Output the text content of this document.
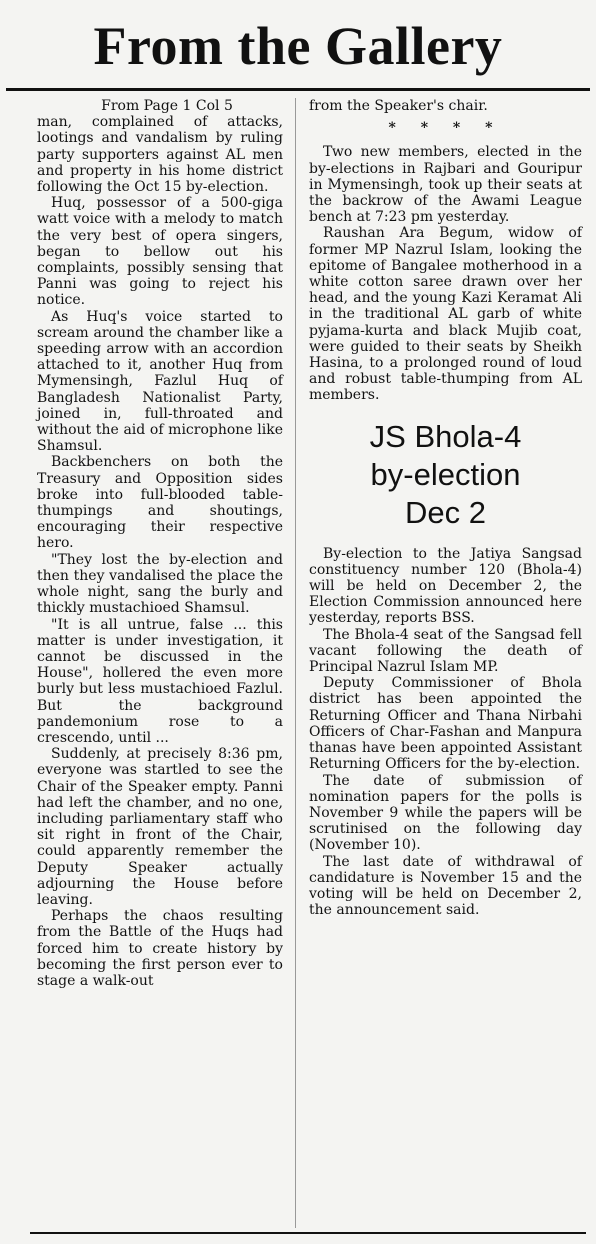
From the Gallery

From Page 1 Col 5

man, complained of attacks, lootings and vandalism by ruling party supporters against AL men and property in his home district following the Oct 15 by-election.

Huq, possessor of a 500-giga watt voice with a melody to match the very best of opera singers, began to bellow out his complaints, possibly sensing that Panni was going to reject his notice.

As Huq's voice started to scream around the chamber like a speeding arrow with an accordion attached to it, another Huq from Mymensingh, Fazlul Huq of Bangladesh Nationalist Party, joined in, full-throated and without the aid of microphone like Shamsul.

Backbenchers on both the Treasury and Opposition sides broke into full-blooded table-thumpings and shoutings, encouraging their respective hero.

"They lost the by-election and then they vandalised the place the whole night, sang the burly and thickly mustachioed Shamsul.

"It is all untrue, false ... this matter is under investigation, it cannot be discussed in the House", hollered the even more burly but less mustachioed Fazlul. But the background pandemonium rose to a crescendo, until ...

Suddenly, at precisely 8:36 pm, everyone was startled to see the Chair of the Speaker empty. Panni had left the chamber, and no one, including parliamentary staff who sit right in front of the Chair, could apparently remember the Deputy Speaker actually adjourning the House before leaving.

Perhaps the chaos resulting from the Battle of the Huqs had forced him to create history by becoming the first person ever to stage a walk-out

from the Speaker's chair.

* * * *

Two new members, elected in the by-elections in Rajbari and Gouripur in Mymensingh, took up their seats at the backrow of the Awami League bench at 7:23 pm yesterday.

Raushan Ara Begum, widow of former MP Nazrul Islam, looking the epitome of Bangalee motherhood in a white cotton saree drawn over her head, and the young Kazi Keramat Ali in the traditional AL garb of white pyjama-kurta and black Mujib coat, were guided to their seats by Sheikh Hasina, to a prolonged round of loud and robust table-thumping from AL members.

JS Bhola-4
by-election
Dec 2

By-election to the Jatiya Sangsad constituency number 120 (Bhola-4) will be held on December 2, the Election Commission announced here yesterday, reports BSS.

The Bhola-4 seat of the Sangsad fell vacant following the death of Principal Nazrul Islam MP.

Deputy Commissioner of Bhola district has been appointed the Returning Officer and Thana Nirbahi Officers of Char-Fashan and Manpura thanas have been appointed Assistant Returning Officers for the by-election.

The date of submission of nomination papers for the polls is November 9 while the papers will be scrutinised on the following day (November 10).

The last date of withdrawal of candidature is November 15 and the voting will be held on December 2, the announcement said.
